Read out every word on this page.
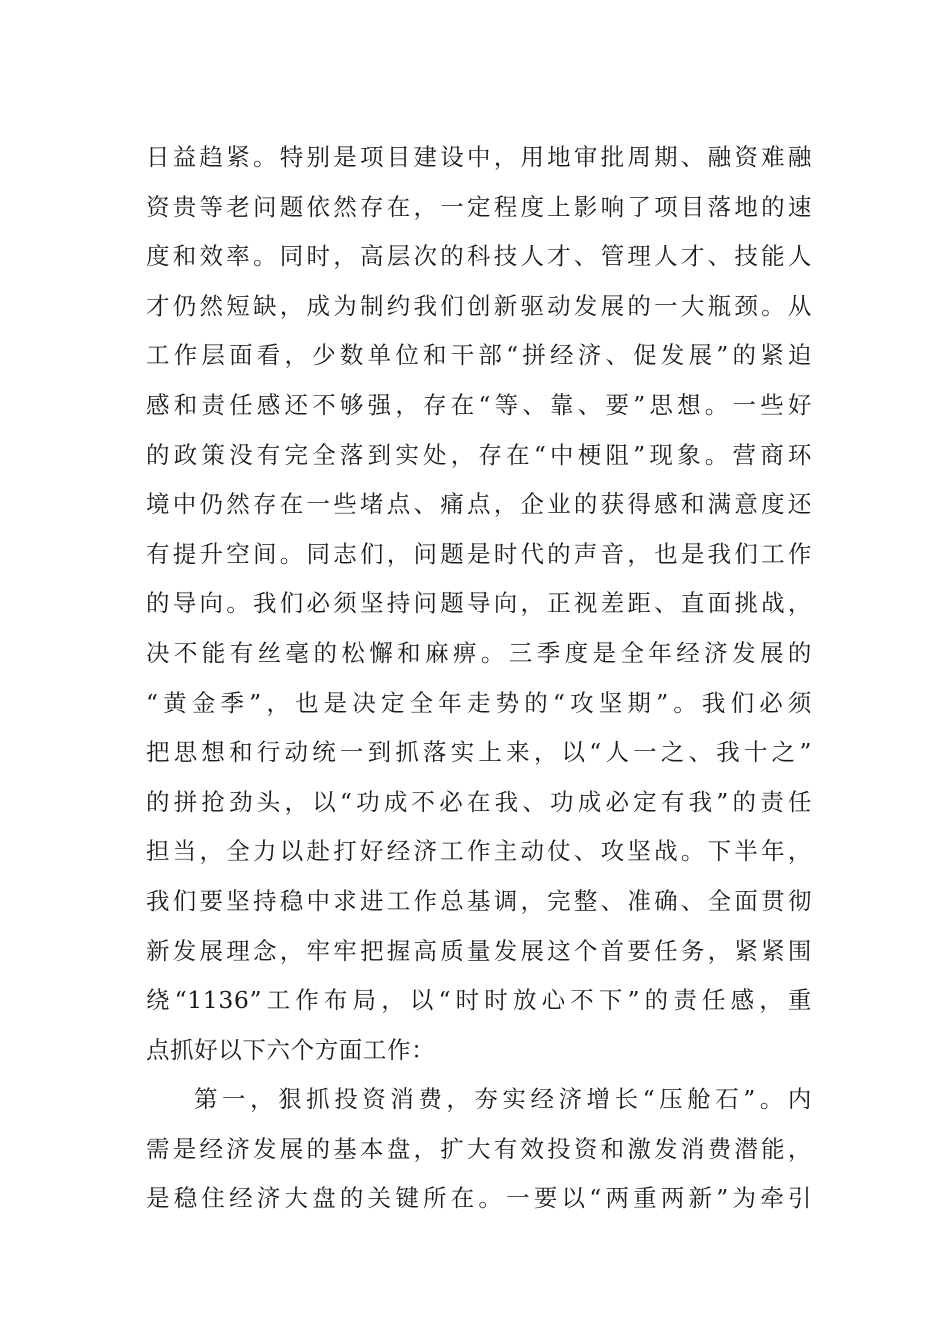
日益趋紧。特别是项目建设中，用地审批周期、融资难融
资贵等老问题依然存在，一定程度上影响了项目落地的速
度和效率。同时，高层次的科技人才、管理人才、技能人
才仍然短缺，成为制约我们创新驱动发展的一大瓶颈。从
工作层面看，少数单位和干部“拼经济、促发展”的紧迫
感和责任感还不够强，存在“等、靠、要”思想。一些好
的政策没有完全落到实处，存在“中梗阻”现象。营商环
境中仍然存在一些堵点、痛点，企业的获得感和满意度还
有提升空间。同志们，问题是时代的声音，也是我们工作
的导向。我们必须坚持问题导向，正视差距、直面挑战，
决不能有丝毫的松懈和麻痹。三季度是全年经济发展的
“黄金季”，也是决定全年走势的“攻坚期”。我们必须
把思想和行动统一到抓落实上来，以“人一之、我十之”
的拼抢劲头，以“功成不必在我、功成必定有我”的责任
担当，全力以赴打好经济工作主动仗、攻坚战。下半年，
我们要坚持稳中求进工作总基调，完整、准确、全面贯彻
新发展理念，牢牢把握高质量发展这个首要任务，紧紧围
绕“1136”工作布局，以“时时放心不下”的责任感，重
点抓好以下六个方面工作：
第一，狠抓投资消费，夯实经济增长“压舱石”。内
需是经济发展的基本盘，扩大有效投资和激发消费潜能，
是稳住经济大盘的关键所在。一要以“两重两新”为牵引
